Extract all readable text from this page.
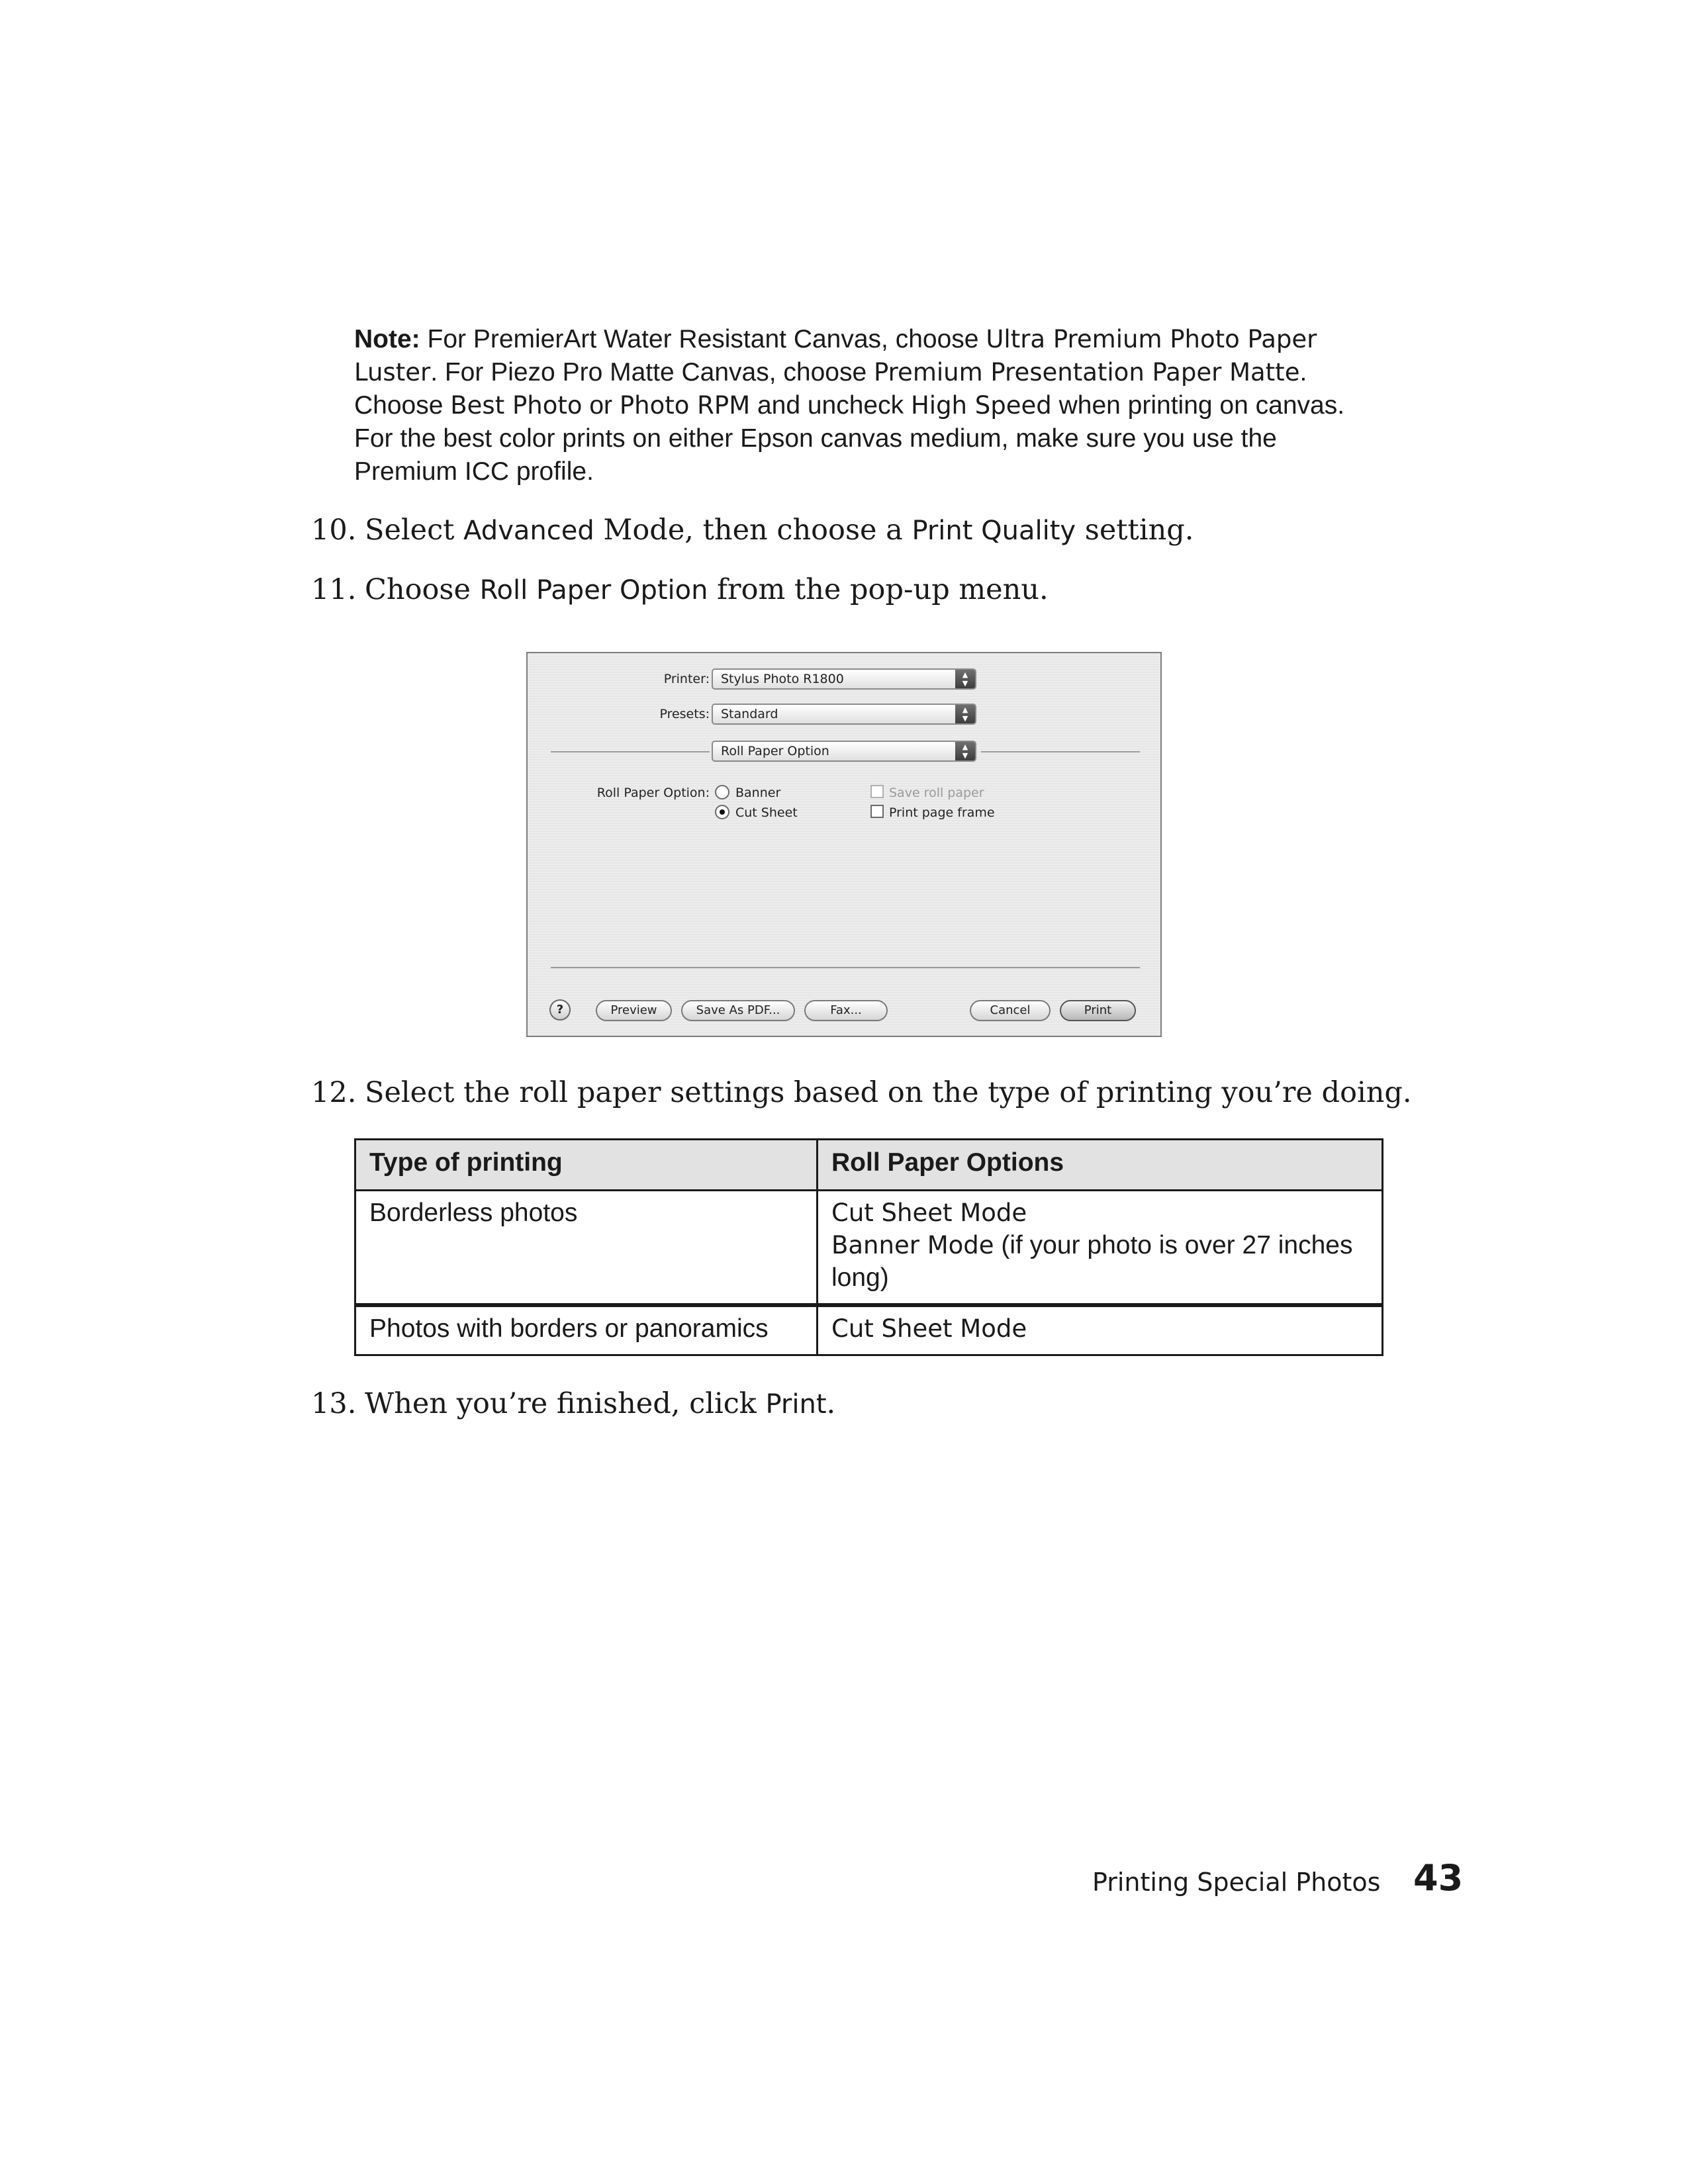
Note: For PremierArt Water Resistant Canvas, choose Ultra Premium Photo Paper Luster. For Piezo Pro Matte Canvas, choose Premium Presentation Paper Matte. Choose Best Photo or Photo RPM and uncheck High Speed when printing on canvas. For the best color prints on either Epson canvas medium, make sure you use the Premium ICC profile.
10. Select Advanced Mode, then choose a Print Quality setting.
11. Choose Roll Paper Option from the pop-up menu.
Printer: Stylus Photo R1800	▲
▼
Presets: Standard	▲
▼
Roll Paper Option	▲
▼
Roll Paper Option: Banner
Cut Sheet
Save roll paper
Print page frame
?	Preview	Save As PDF...	Fax...	Cancel	Print
12. Select the roll paper settings based on the type of printing you’re doing.
Type of printing	Roll Paper Options
Borderless photos	Cut Sheet Mode
Banner Mode (if your photo is over 27 inches long)
Photos with borders or panoramics	Cut Sheet Mode
13. When you’re finished, click Print.
Printing Special Photos 43
